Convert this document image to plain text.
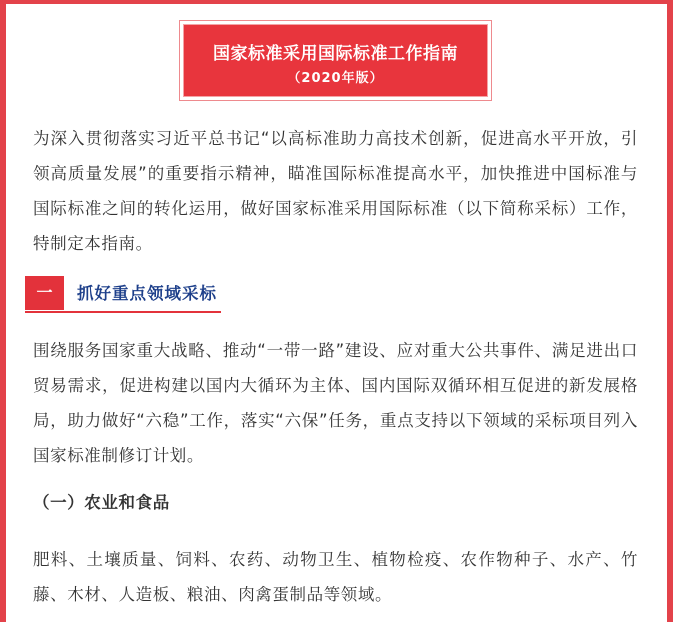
国家标准采用国际标准工作指南
（2020年版）

为深入贯彻落实习近平总书记“以高标准助力高技术创新，促进高水平开放，引领高质量发展”的重要指示精神，瞄准国际标准提高水平，加快推进中国标准与国际标准之间的转化运用，做好国家标准采用国际标准（以下简称采标）工作，特制定本指南。

一	抓好重点领域采标

围绕服务国家重大战略、推动“一带一路”建设、应对重大公共事件、满足进出口贸易需求，促进构建以国内大循环为主体、国内国际双循环相互促进的新发展格局，助力做好“六稳”工作，落实“六保”任务，重点支持以下领域的采标项目列入国家标准制修订计划。

（一）农业和食品

肥料、土壤质量、饲料、农药、动物卫生、植物检疫、农作物种子、水产、竹藤、木材、人造板、粮油、肉禽蛋制品等领域。
